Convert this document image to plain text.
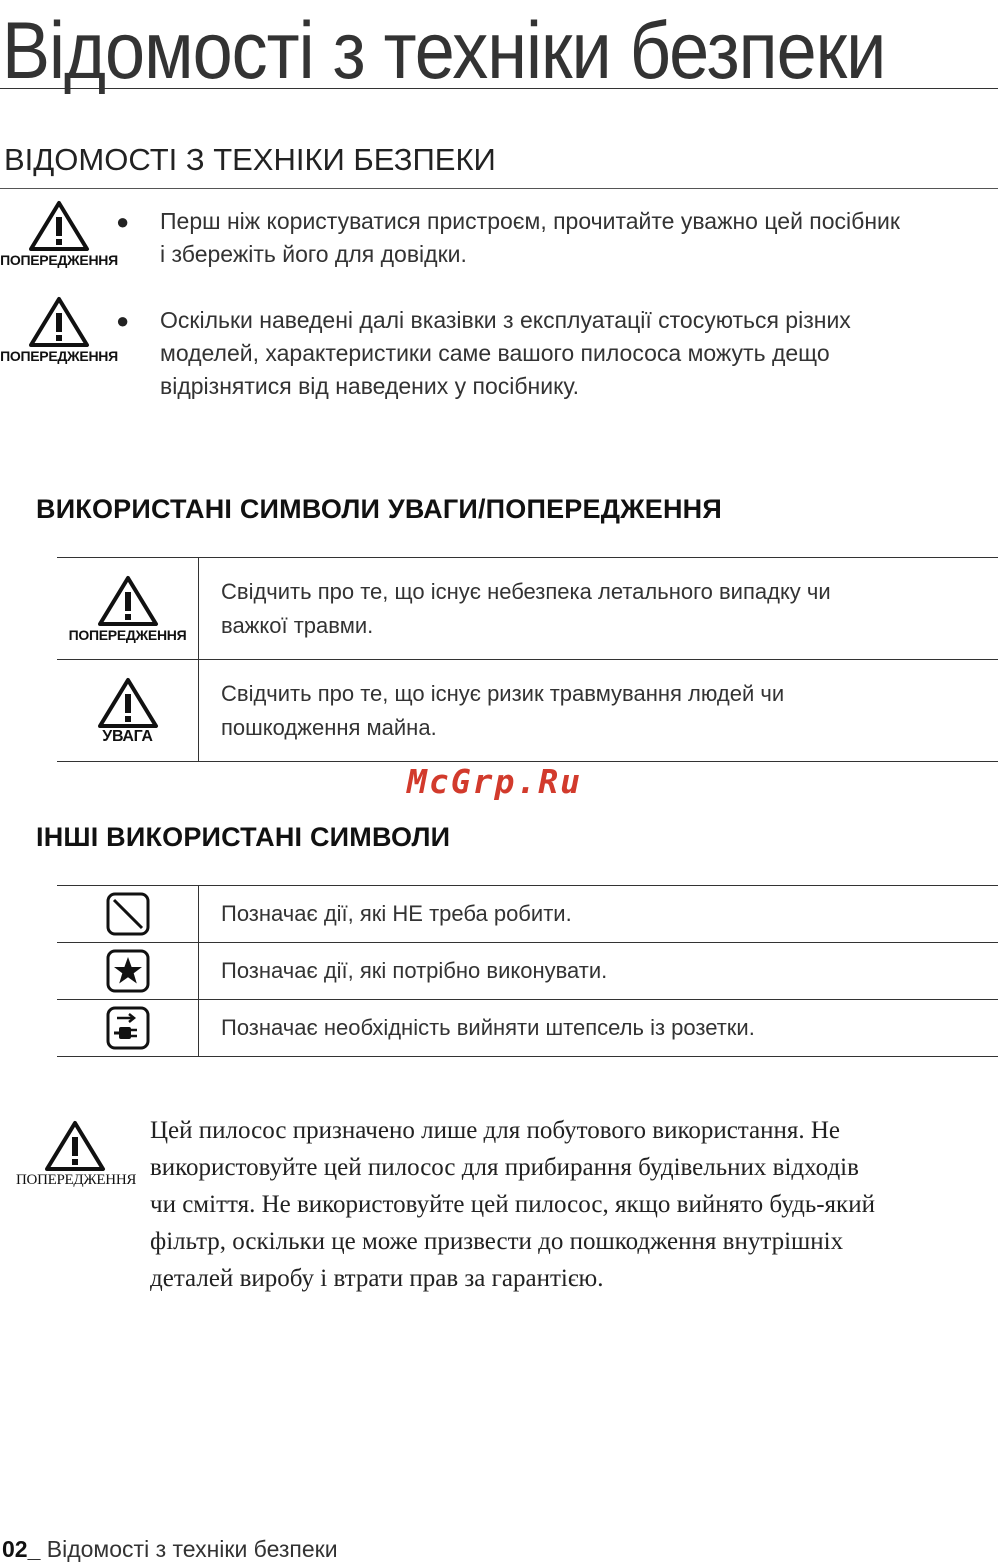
Відомості з техніки безпеки
ВІДОМОСТІ З ТЕХНІКИ БЕЗПЕКИ
ПОПЕРЕДЖЕННЯ
● Перш ніж користуватися пристроєм, прочитайте уважно цей посібник
і збережіть його для довідки.
ПОПЕРЕДЖЕННЯ
● Оскільки наведені далі вказівки з експлуатації стосуються різних
моделей, характеристики саме вашого пилососа можуть дещо
відрізнятися від наведених у посібнику.
ВИКОРИСТАНІ СИМВОЛИ УВАГИ/ПОПЕРЕДЖЕННЯ
ПОПЕРЕДЖЕННЯ	Свідчить про те, що існує небезпека летального випадку чи
важкої травми.

УВАГА	Свідчить про те, що існує ризик травмування людей чи
пошкодження майна.
McGrp.Ru
ІНШІ ВИКОРИСТАНІ СИМВОЛИ
	Позначає дії, які НЕ треба робити.

	Позначає дії, які потрібно виконувати.

	Позначає необхідність вийняти штепсель із розетки.
ПОПЕРЕДЖЕННЯ
Цей пилосос призначено лише для побутового використання. Не
використовуйте цей пилосос для прибирання будівельних відходів
чи сміття. Не використовуйте цей пилосос, якщо вийнято будь-який
фільтр, оскільки це може призвести до пошкодження внутрішніх
деталей виробу і втрати прав за гарантією.
02_ Відомості з техніки безпеки
